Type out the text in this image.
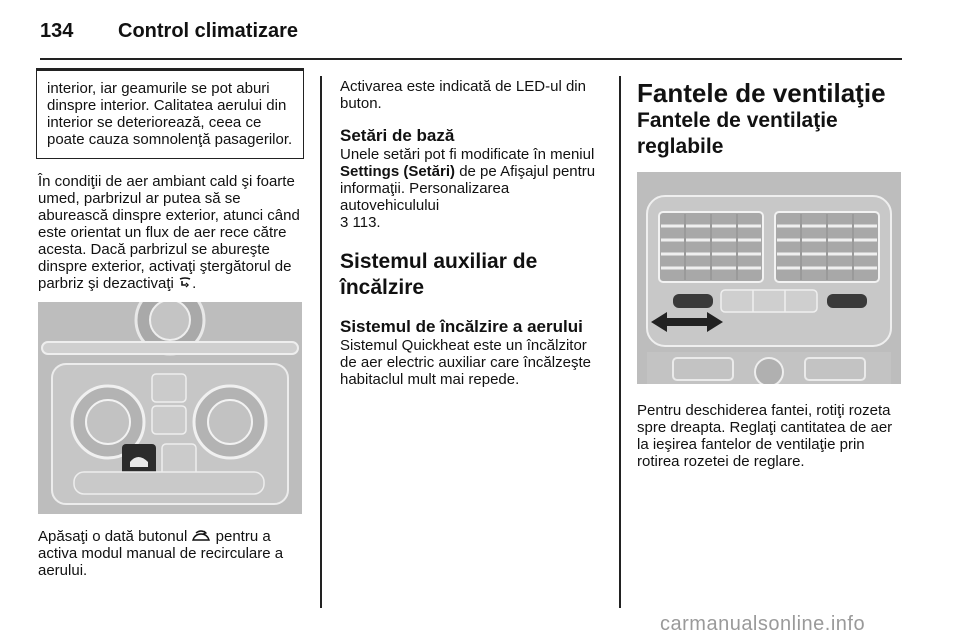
134 Control climatizare

interior, iar geamurile se pot aburi dinspre interior. Calitatea aerului din interior se deteriorează, ceea ce poate cauza somnolenţă pasagerilor.

În condiţii de aer ambiant cald şi foarte umed, parbrizul ar putea să se aburească dinspre exterior, atunci când este orientat un flux de aer rece către acesta. Dacă parbrizul se abureşte dinspre exterior, activaţi ştergătorul de parbriz şi dezactivaţi .

Apăsaţi o dată butonul pentru a activa modul manual de recirculare a aerului.

Activarea este indicată de LED-ul din buton.

Setări de bază

Unele setări pot fi modificate în meniul Settings (Setări) de pe Afişajul pentru informaţii. Personalizarea autovehiculului
3 113.

Sistemul auxiliar de încălzire

Sistemul de încălzire a aerului

Sistemul Quickheat este un încălzitor de aer electric auxiliar care încălzeşte habitaclul mult mai repede.

Fantele de ventilaţie

Fantele de ventilaţie reglabile

Pentru deschiderea fantei, rotiţi rozeta spre dreapta. Reglaţi cantitatea de aer la ieşirea fantelor de ventilaţie prin rotirea rozetei de reglare.

carmanualsonline.info
